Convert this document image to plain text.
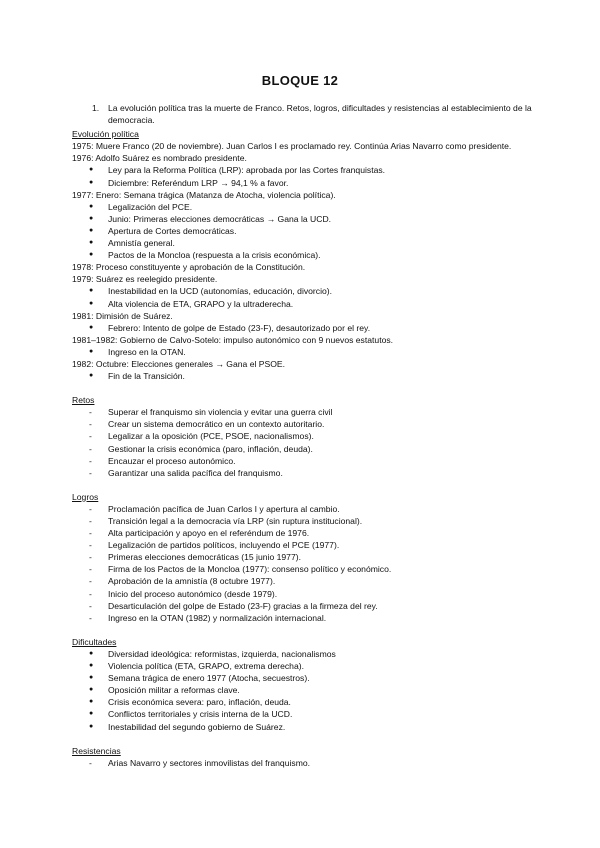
BLOQUE 12
1.	La evolución política tras la muerte de Franco. Retos, logros, dificultades y resistencias al establecimiento de la democracia.
Evolución política
1975: Muere Franco (20 de noviembre). Juan Carlos I es proclamado rey. Continúa Arias Navarro como presidente.
1976: Adolfo Suárez es nombrado presidente.
●	Ley para la Reforma Política (LRP): aprobada por las Cortes franquistas.
●	Diciembre: Referéndum LRP → 94,1 % a favor.
1977: Enero: Semana trágica (Matanza de Atocha, violencia política).
●	Legalización del PCE.
●	Junio: Primeras elecciones democráticas → Gana la UCD.
●	Apertura de Cortes democráticas.
●	Amnistía general.
●	Pactos de la Moncloa (respuesta a la crisis económica).
1978: Proceso constituyente y aprobación de la Constitución.
1979: Suárez es reelegido presidente.
●	Inestabilidad en la UCD (autonomías, educación, divorcio).
●	Alta violencia de ETA, GRAPO y la ultraderecha.
1981: Dimisión de Suárez.
●	Febrero: Intento de golpe de Estado (23-F), desautorizado por el rey.
1981–1982: Gobierno de Calvo-Sotelo: impulso autonómico con 9 nuevos estatutos.
●	Ingreso en la OTAN.
1982: Octubre: Elecciones generales → Gana el PSOE.
●	Fin de la Transición.
Retos
-	Superar el franquismo sin violencia y evitar una guerra civil
-	Crear un sistema democrático en un contexto autoritario.
-	Legalizar a la oposición (PCE, PSOE, nacionalismos).
-	Gestionar la crisis económica (paro, inflación, deuda).
-	Encauzar el proceso autonómico.
-	Garantizar una salida pacífica del franquismo.
Logros
-	Proclamación pacífica de Juan Carlos I y apertura al cambio.
-	Transición legal a la democracia vía LRP (sin ruptura institucional).
-	Alta participación y apoyo en el referéndum de 1976.
-	Legalización de partidos políticos, incluyendo el PCE (1977).
-	Primeras elecciones democráticas (15 junio 1977).
-	Firma de los Pactos de la Moncloa (1977): consenso político y económico.
-	Aprobación de la amnistía (8 octubre 1977).
-	Inicio del proceso autonómico (desde 1979).
-	Desarticulación del golpe de Estado (23-F) gracias a la firmeza del rey.
-	Ingreso en la OTAN (1982) y normalización internacional.
Dificultades
●	Diversidad ideológica: reformistas, izquierda, nacionalismos
●	Violencia política (ETA, GRAPO, extrema derecha).
●	Semana trágica de enero 1977 (Atocha, secuestros).
●	Oposición militar a reformas clave.
●	Crisis económica severa: paro, inflación, deuda.
●	Conflictos territoriales y crisis interna de la UCD.
●	Inestabilidad del segundo gobierno de Suárez.
Resistencias
-	Arias Navarro y sectores inmovilistas del franquismo.
